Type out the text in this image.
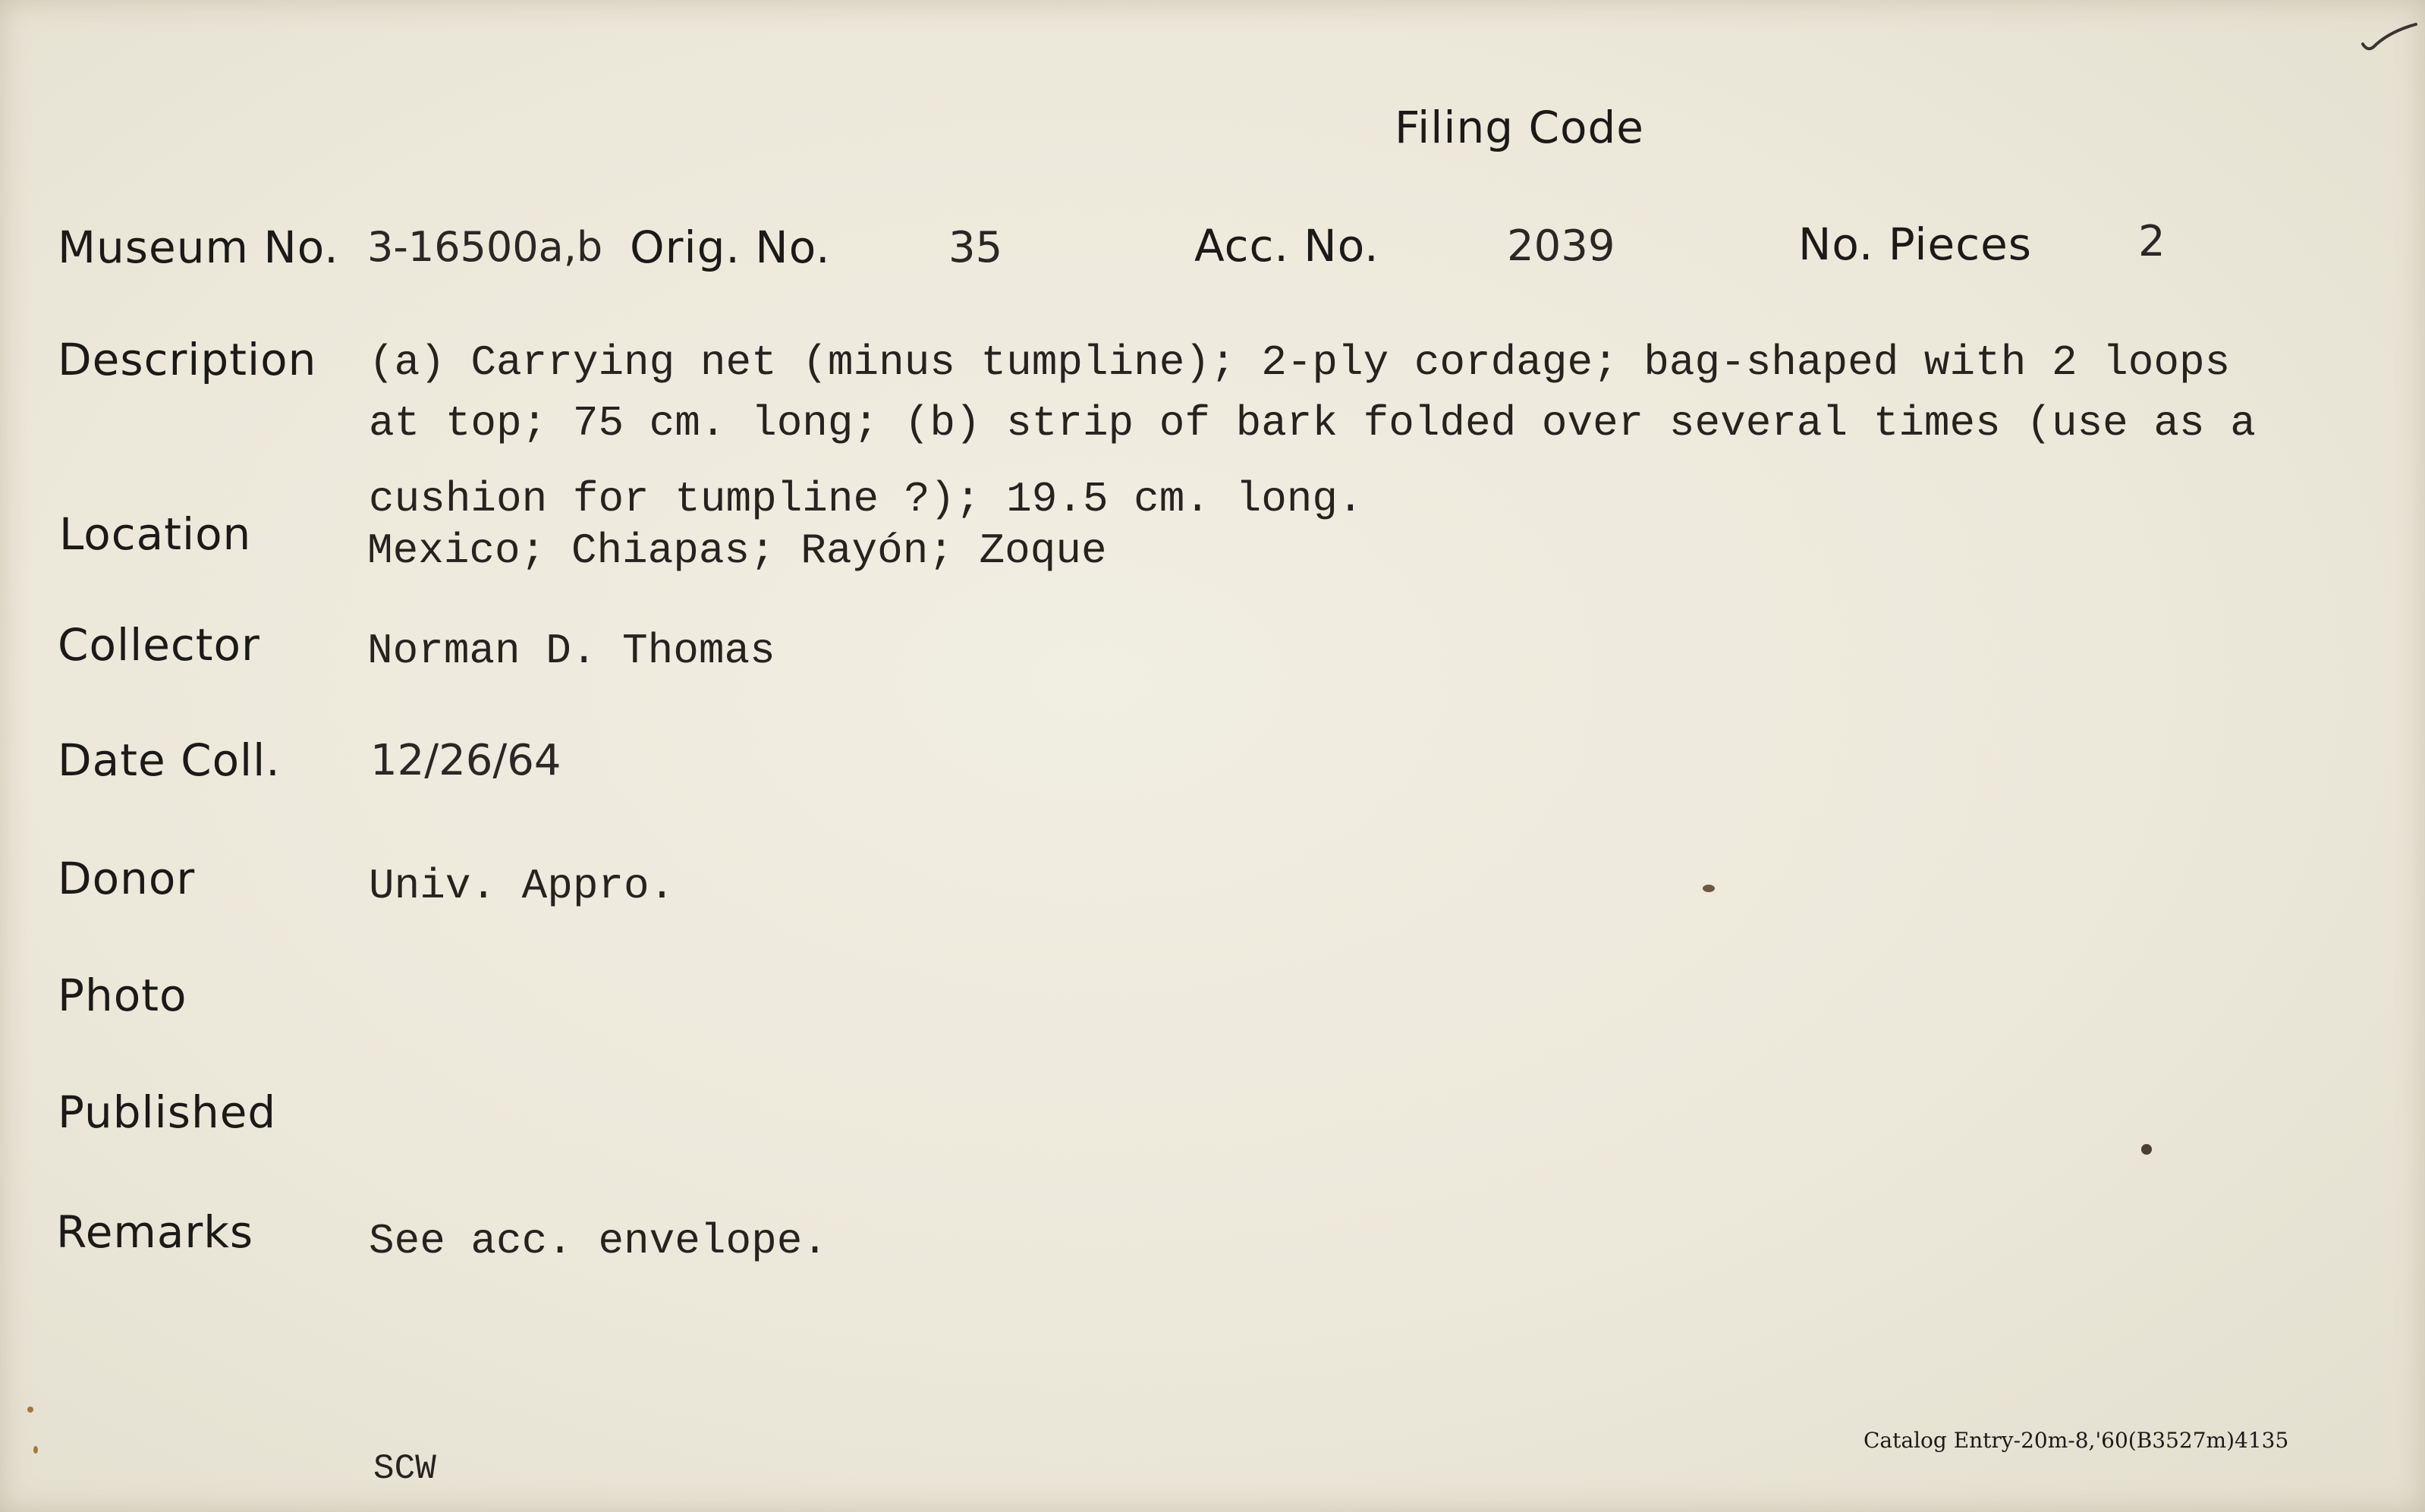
Filing Code
Museum No. 3-16500a,b Orig. No.	35	Acc. No.	2039	No. Pieces 2
Description (a) Carrying net (minus tumpline); 2-ply cordage; bag-shaped with 2 loops
at top; 75 cm. long; (b) strip of bark folded over several times (use as a
cushion for tumpline ?); 19.5 cm. long.
Location	Mexico; Chiapas; Rayón; Zoque
Collector	Norman D. Thomas
Date Coll. 12/26/64
Donor	Univ. Appro.
Photo
Published
Remarks	See acc. envelope.
SCW
Catalog Entry-20m-8,'60(B3527m)4135
